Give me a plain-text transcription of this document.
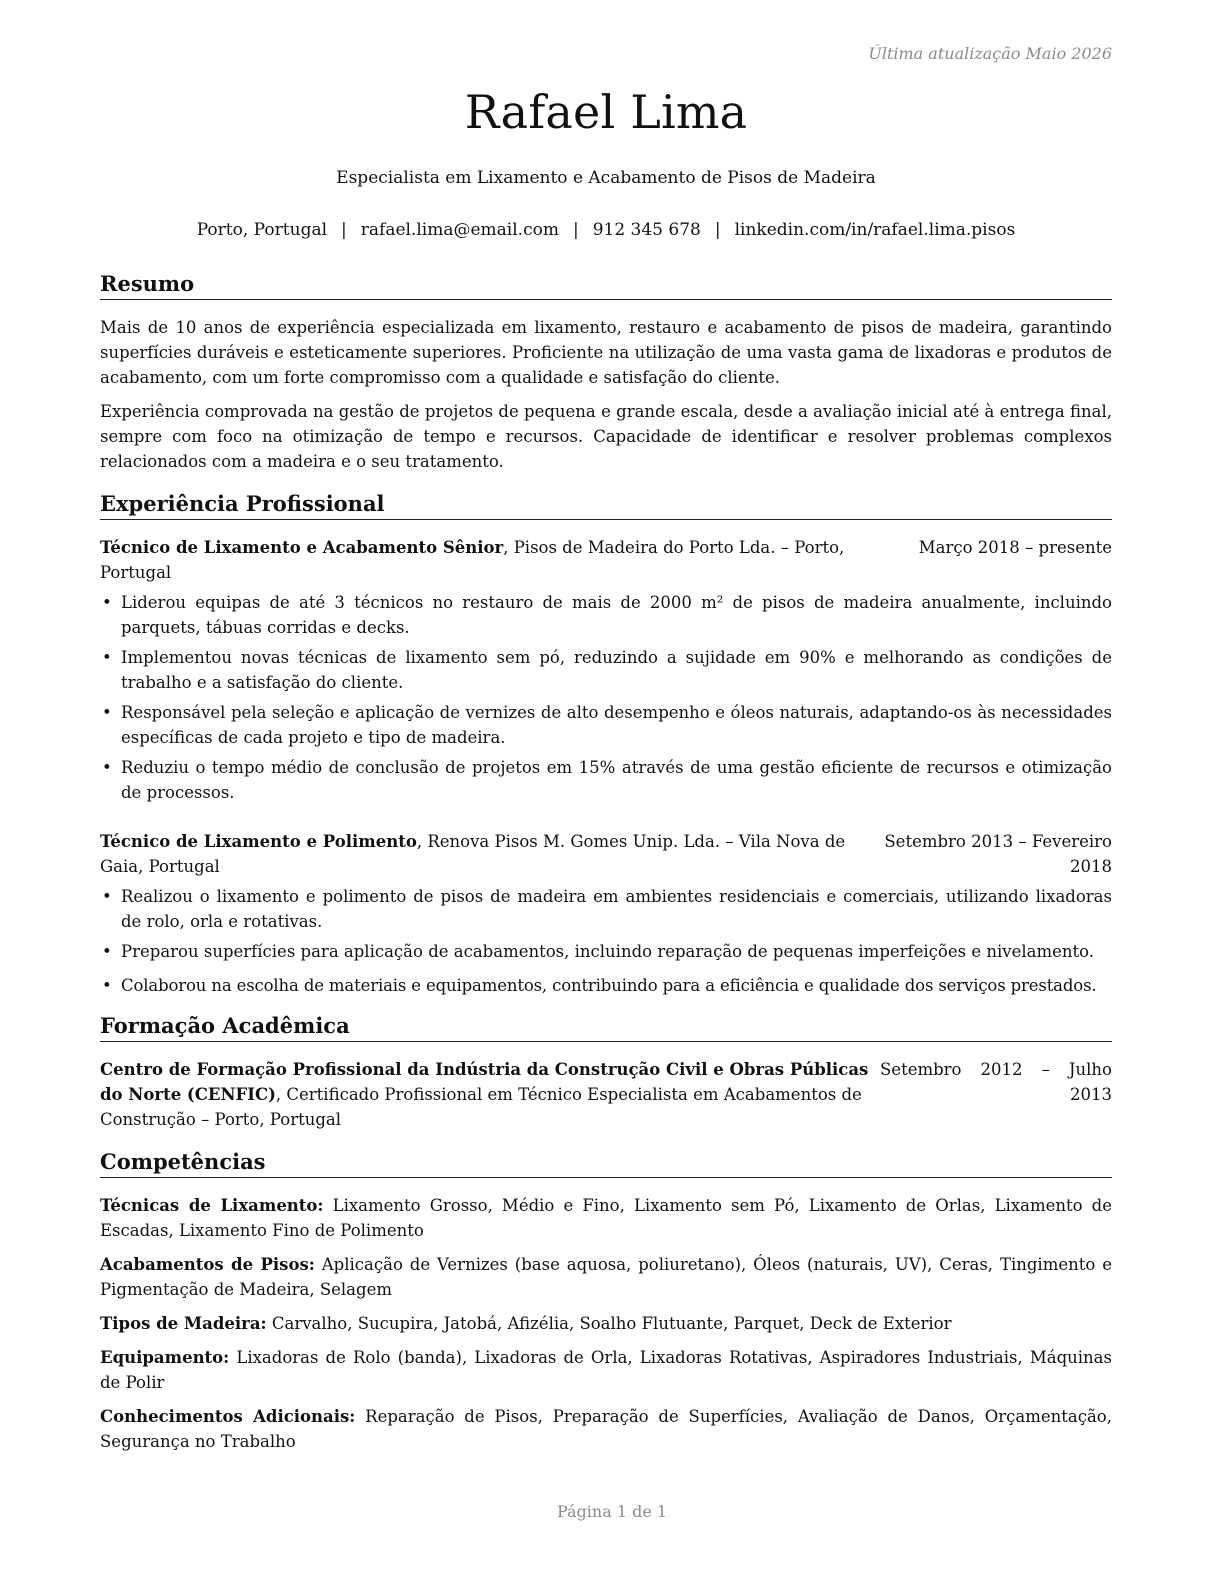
Última atualização Maio 2026
Rafael Lima
Especialista em Lixamento e Acabamento de Pisos de Madeira
Porto, Portugal | rafael.lima@email.com | 912 345 678 | linkedin.com/in/rafael.lima.pisos
Resumo

Mais de 10 anos de experiência especializada em lixamento, restauro e acabamento de pisos de madeira, garantindo superfícies duráveis e esteticamente superiores. Proficiente na utilização de uma vasta gama de lixadoras e produtos de acabamento, com um forte compromisso com a qualidade e satisfação do cliente.

Experiência comprovada na gestão de projetos de pequena e grande escala, desde a avaliação inicial até à entrega final, sempre com foco na otimização de tempo e recursos. Capacidade de identificar e resolver problemas complexos relacionados com a madeira e o seu tratamento.

Experiência Profissional
Técnico de Lixamento e Acabamento Sênior, Pisos de Madeira do Porto Lda. – Porto, Portugal
Março 2018 – presente
• Liderou equipas de até 3 técnicos no restauro de mais de 2000 m² de pisos de madeira anualmente, incluindo parquets, tábuas corridas e decks.
• Implementou novas técnicas de lixamento sem pó, reduzindo a sujidade em 90% e melhorando as condições de trabalho e a satisfação do cliente.
• Responsável pela seleção e aplicação de vernizes de alto desempenho e óleos naturais, adaptando-os às necessidades específicas de cada projeto e tipo de madeira.
• Reduziu o tempo médio de conclusão de projetos em 15% através de uma gestão eficiente de recursos e otimização de processos.
Técnico de Lixamento e Polimento, Renova Pisos M. Gomes Unip. Lda. – Vila Nova de Gaia, Portugal
Setembro 2013 – Fevereiro 2018
• Realizou o lixamento e polimento de pisos de madeira em ambientes residenciais e comerciais, utilizando lixadoras de rolo, orla e rotativas.
• Preparou superfícies para aplicação de acabamentos, incluindo reparação de pequenas imperfeições e nivelamento.
• Colaborou na escolha de materiais e equipamentos, contribuindo para a eficiência e qualidade dos serviços prestados.
Formação Acadêmica
Centro de Formação Profissional da Indústria da Construção Civil e Obras Públicas do Norte (CENFIC), Certificado Profissional em Técnico Especialista em Acabamentos de Construção – Porto, Portugal
Setembro 2012 – Julho 2013
Competências

Técnicas de Lixamento: Lixamento Grosso, Médio e Fino, Lixamento sem Pó, Lixamento de Orlas, Lixamento de Escadas, Lixamento Fino de Polimento

Acabamentos de Pisos: Aplicação de Vernizes (base aquosa, poliuretano), Óleos (naturais, UV), Ceras, Tingimento e Pigmentação de Madeira, Selagem

Tipos de Madeira: Carvalho, Sucupira, Jatobá, Afizélia, Soalho Flutuante, Parquet, Deck de Exterior

Equipamento: Lixadoras de Rolo (banda), Lixadoras de Orla, Lixadoras Rotativas, Aspiradores Industriais, Máquinas de Polir

Conhecimentos Adicionais: Reparação de Pisos, Preparação de Superfícies, Avaliação de Danos, Orçamentação, Segurança no Trabalho

Página 1 de 1
